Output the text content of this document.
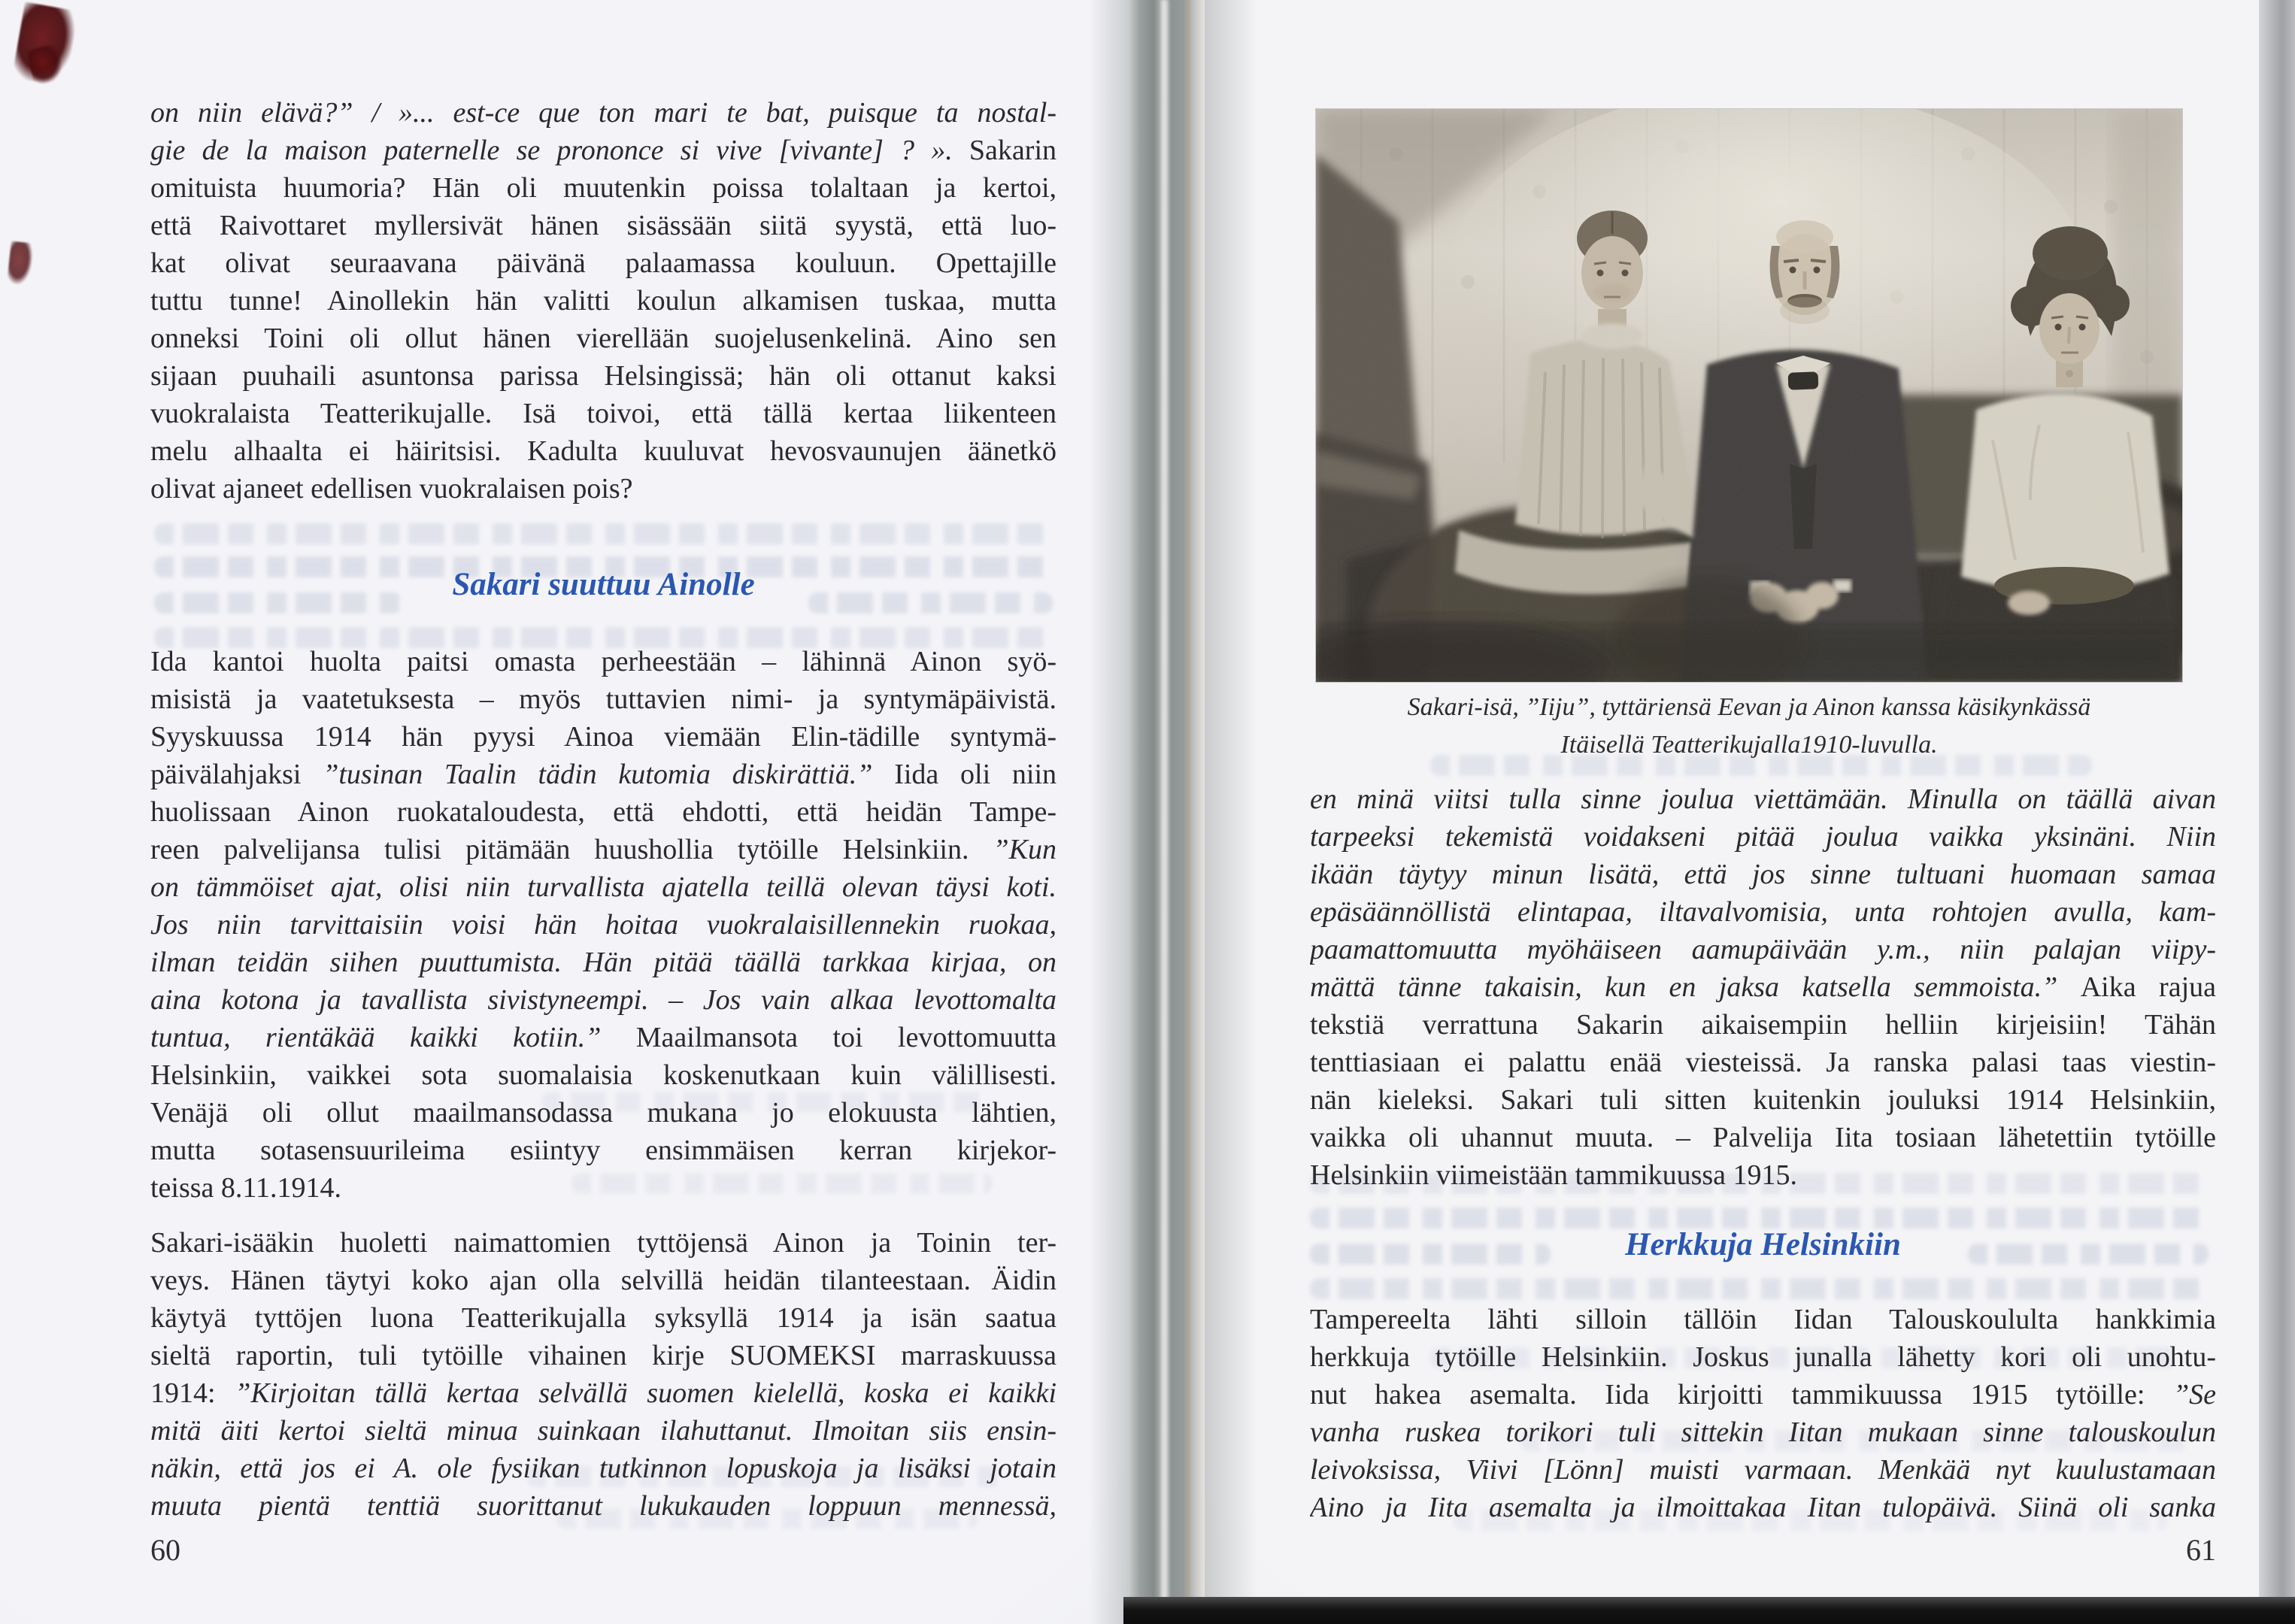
on niin elävä?” / »... est-ce que ton mari te bat, puisque ta nostal-
gie de la maison paternelle se prononce si vive [vivante] ? ». Sakarin
omituista huumoria? Hän oli muutenkin poissa tolaltaan ja kertoi,
että Raivottaret myllersivät hänen sisässään siitä syystä, että luo-
kat olivat seuraavana päivänä palaamassa kouluun. Opettajille
tuttu tunne! Ainollekin hän valitti koulun alkamisen tuskaa, mutta
onneksi Toini oli ollut hänen vierellään suojelusenkelinä. Aino sen
sijaan puuhaili asuntonsa parissa Helsingissä; hän oli ottanut kaksi
vuokralaista Teatterikujalle. Isä toivoi, että tällä kertaa liikenteen
melu alhaalta ei häiritsisi. Kadulta kuuluvat hevosvaunujen äänetkö
olivat ajaneet edellisen vuokralaisen pois?
Sakari suuttuu Ainolle
Ida kantoi huolta paitsi omasta perheestään – lähinnä Ainon syö-
misistä ja vaatetuksesta – myös tuttavien nimi- ja syntymäpäivistä.
Syyskuussa 1914 hän pyysi Ainoa viemään Elin-tädille syntymä-
päivälahjaksi ”tusinan Taalin tädin kutomia diskirättiä.” Iida oli niin
huolissaan Ainon ruokataloudesta, että ehdotti, että heidän Tampe-
reen palvelijansa tulisi pitämään huushollia tytöille Helsinkiin. ”Kun
on tämmöiset ajat, olisi niin turvallista ajatella teillä olevan täysi koti.
Jos niin tarvittaisiin voisi hän hoitaa vuokralaisillennekin ruokaa,
ilman teidän siihen puuttumista. Hän pitää täällä tarkkaa kirjaa, on
aina kotona ja tavallista sivistyneempi. – Jos vain alkaa levottomalta
tuntua, rientäkää kaikki kotiin.” Maailmansota toi levottomuutta
Helsinkiin, vaikkei sota suomalaisia koskenutkaan kuin välillisesti.
Venäjä oli ollut maailmansodassa mukana jo elokuusta lähtien,
mutta sotasensuurileima esiintyy ensimmäisen kerran kirjekor-
teissa 8.11.1914.
Sakari-isääkin huoletti naimattomien tyttöjensä Ainon ja Toinin ter-
veys. Hänen täytyi koko ajan olla selvillä heidän tilanteestaan. Äidin
käytyä tyttöjen luona Teatterikujalla syksyllä 1914 ja isän saatua
sieltä raportin, tuli tytöille vihainen kirje SUOMEKSI marraskuussa
1914: ”Kirjoitan tällä kertaa selvällä suomen kielellä, koska ei kaikki
mitä äiti kertoi sieltä minua suinkaan ilahuttanut. Ilmoitan siis ensin-
näkin, että jos ei A. ole fysiikan tutkinnon lopuskoja ja lisäksi jotain
muuta pientä tenttiä suorittanut lukukauden loppuun mennessä,
60
Sakari-isä, ”Iiju”, tyttäriensä Eevan ja Ainon kanssa käsikynkässä
Itäisellä Teatterikujalla1910-luvulla.
en minä viitsi tulla sinne joulua viettämään. Minulla on täällä aivan
tarpeeksi tekemistä voidakseni pitää joulua vaikka yksinäni. Niin
ikään täytyy minun lisätä, että jos sinne tultuani huomaan samaa
epäsäännöllistä elintapaa, iltavalvomisia, unta rohtojen avulla, kam-
paamattomuutta myöhäiseen aamupäivään y.m., niin palajan viipy-
mättä tänne takaisin, kun en jaksa katsella semmoista.” Aika rajua
tekstiä verrattuna Sakarin aikaisempiin helliin kirjeisiin! Tähän
tenttiasiaan ei palattu enää viesteissä. Ja ranska palasi taas viestin-
nän kieleksi. Sakari tuli sitten kuitenkin jouluksi 1914 Helsinkiin,
vaikka oli uhannut muuta. – Palvelija Iita tosiaan lähetettiin tytöille
Helsinkiin viimeistään tammikuussa 1915.
Herkkuja Helsinkiin
Tampereelta lähti silloin tällöin Iidan Talouskoululta hankkimia
herkkuja tytöille Helsinkiin. Joskus junalla lähetty kori oli unohtu-
nut hakea asemalta. Iida kirjoitti tammikuussa 1915 tytöille: ”Se
vanha ruskea torikori tuli sittekin Iitan mukaan sinne talouskoulun
leivoksissa, Viivi [Lönn] muisti varmaan. Menkää nyt kuulustamaan
Aino ja Iita asemalta ja ilmoittakaa Iitan tulopäivä. Siinä oli sanka
61
